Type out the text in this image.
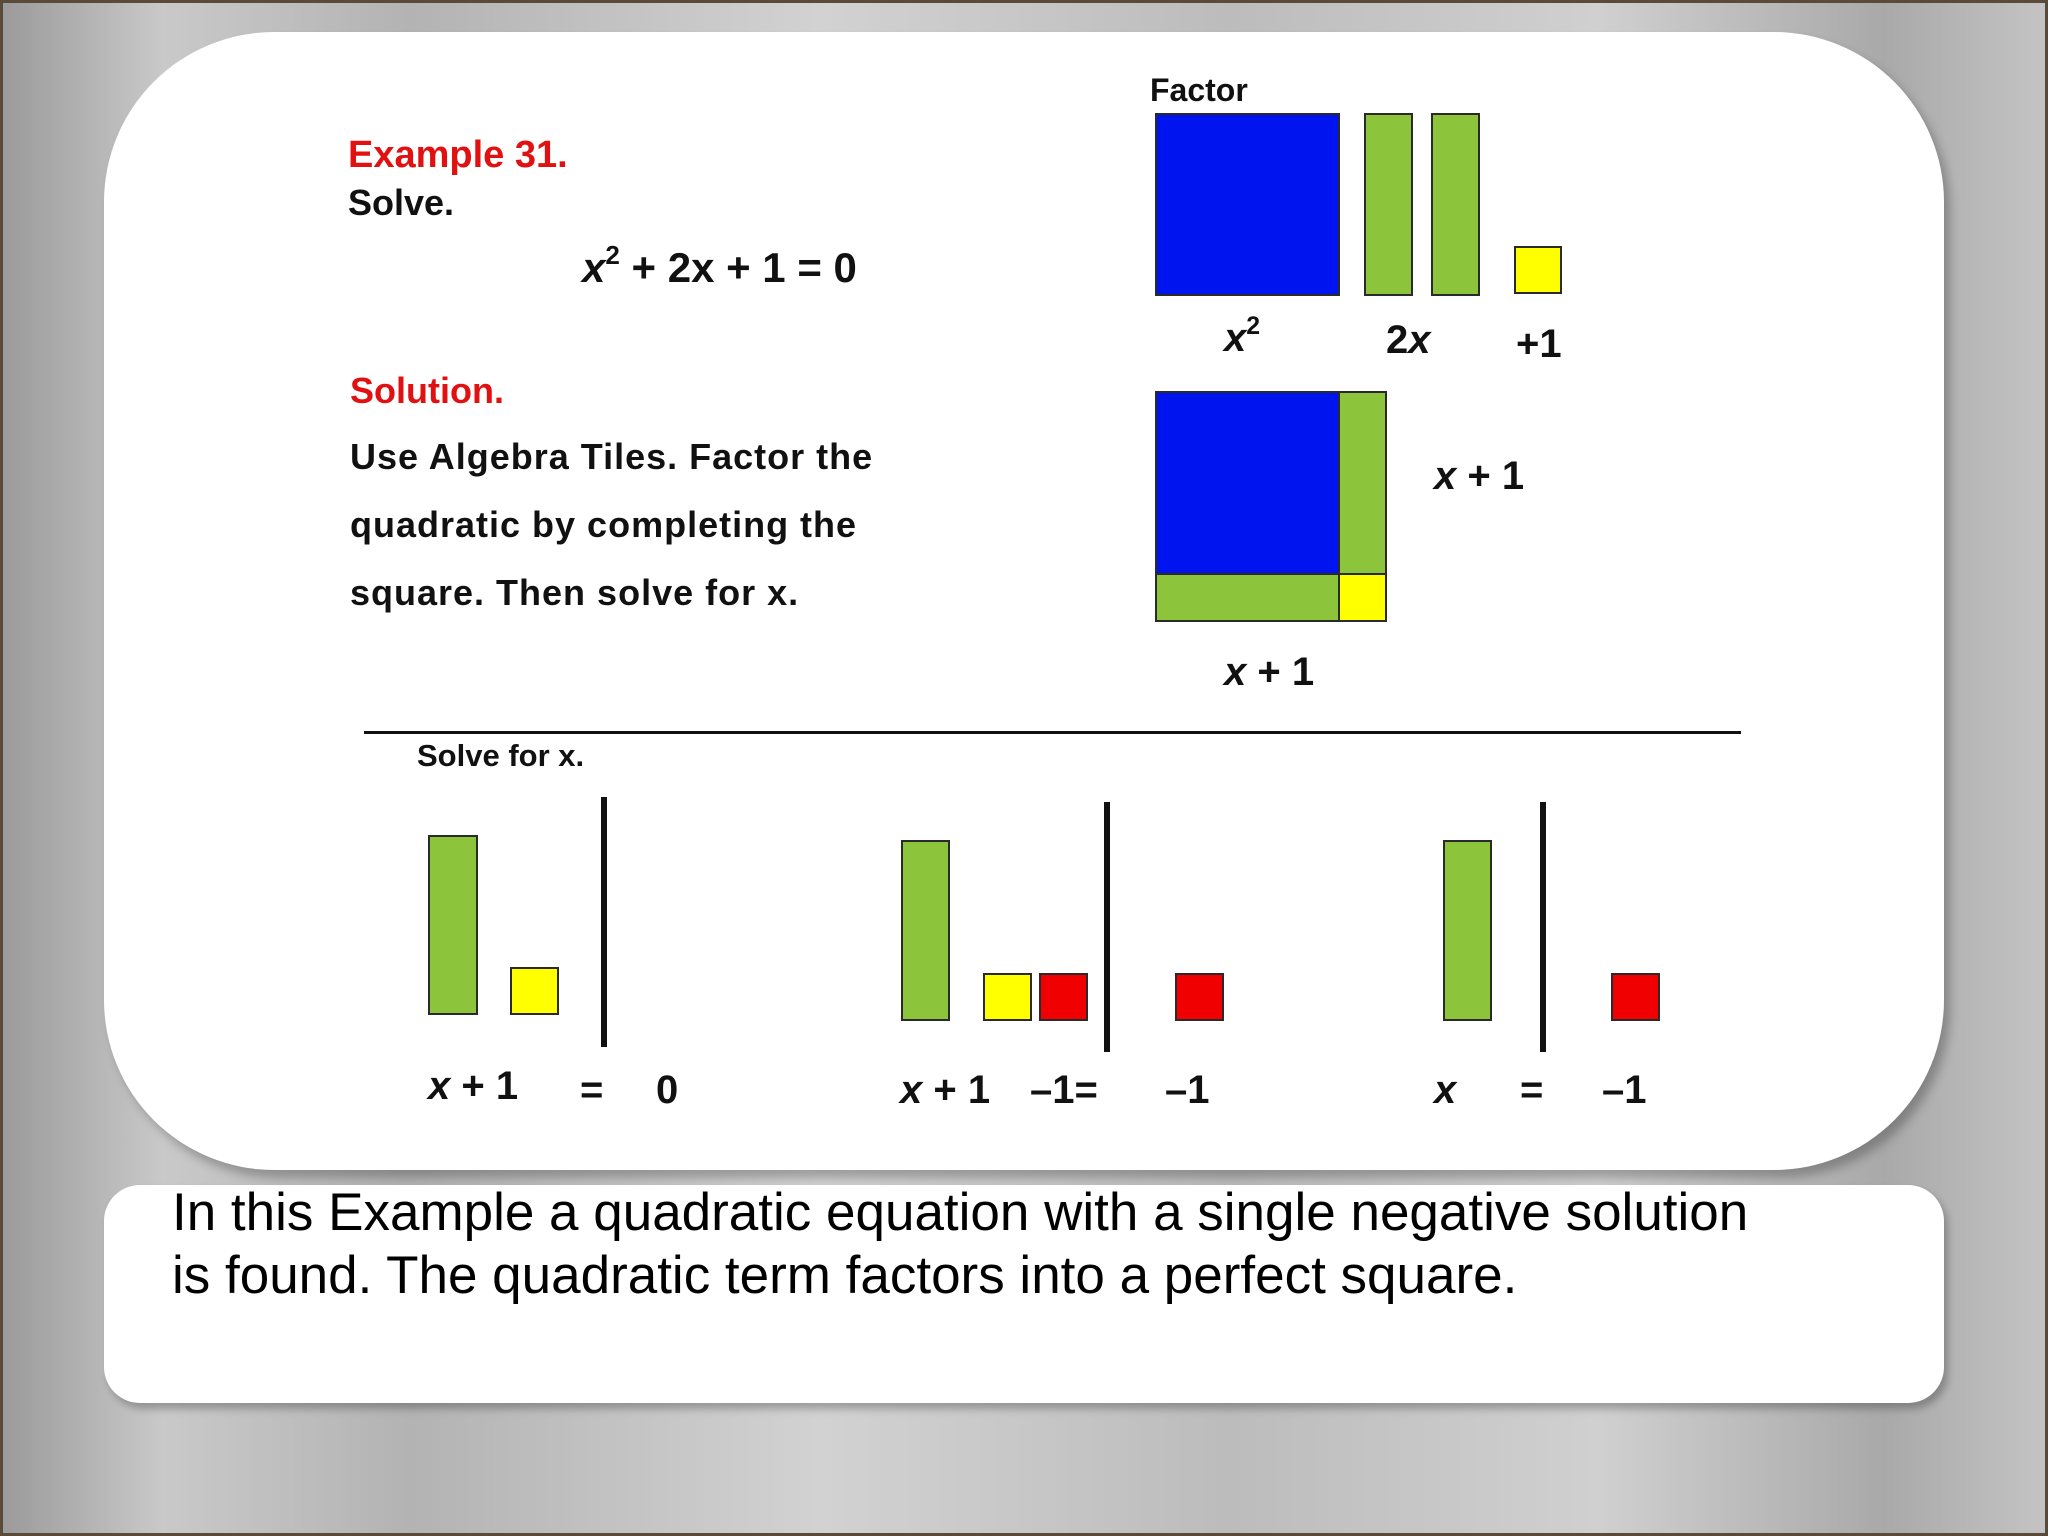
Example 31.
Solve.
$x^2 + 2x + 1 = 0$
Solution.
Use Algebra Tiles. Factor the
quadratic by completing the
square. Then solve for x.
Factor
$x^2$	2x +1
x + 1
x + 1
Solve for x.
x + 1 = 0	x + 1 –1= –1	x = –1
In this Example a quadratic equation with a single negative solution
is found. The quadratic term factors into a perfect square.
